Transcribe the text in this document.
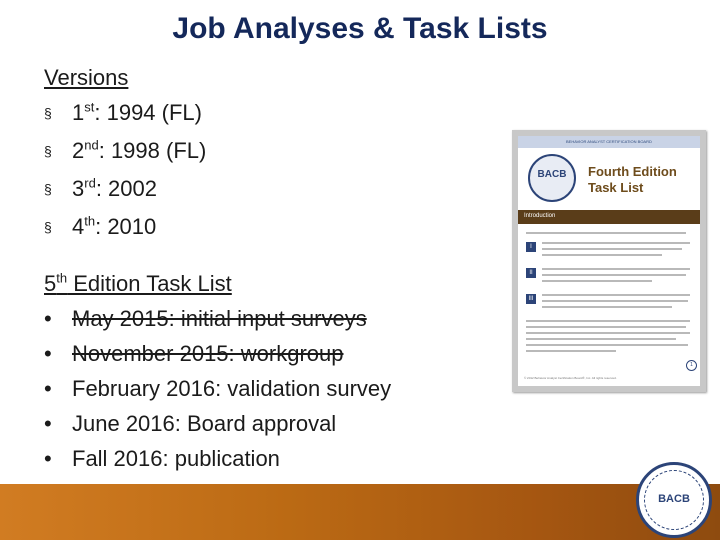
Job Analyses & Task Lists
Versions
§ 1st: 1994 (FL)
§ 2nd: 1998 (FL)
§ 3rd: 2002
§ 4th: 2010
5th Edition Task List
• May 2015: initial input surveys
• November 2015: workgroup
• February 2016: validation survey
• June 2016: Board approval
• Fall 2016: publication
BEHAVIOR ANALYST CERTIFICATION BOARD
BACB	Fourth Edition
Task List
Introduction
I
II
III
1
© 2012 Behavior Analyst Certification Board®, Inc. All rights reserved.
BACB
